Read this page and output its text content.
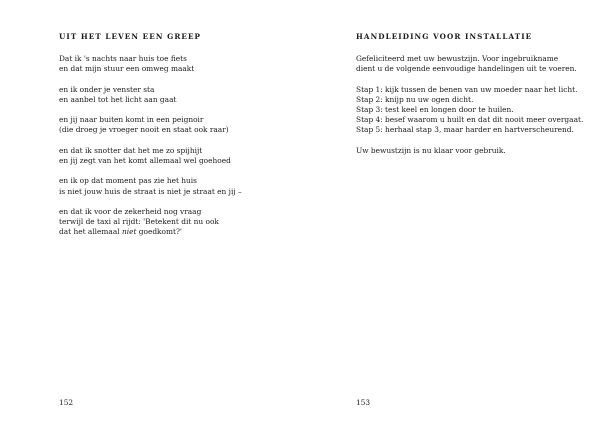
UIT HET LEVEN EEN GREEP
Dat ik 's nachts naar huis toe fiets
en dat mijn stuur een omweg maakt
en ik onder je venster sta
en aanbel tot het licht aan gaat
en jij naar buiten komt in een peignoir
(die droeg je vroeger nooit en staat ook raar)
en dat ik snotter dat het me zo spijhijt
en jij zegt van het komt allemaal wel goehoed
en ik op dat moment pas zie het huis
is niet jouw huis de straat is niet je straat en jij –
en dat ik voor de zekerheid nog vraag
terwijl de taxi al rijdt: 'Betekent dit nu ook
dat het allemaal niet goedkomt?'
152
HANDLEIDING VOOR INSTALLATIE
Gefeliciteerd met uw bewustzijn. Voor ingebruikname
dient u de volgende eenvoudige handelingen uit te voeren.
Stap 1: kijk tussen de benen van uw moeder naar het licht.
Stap 2: knijp nu uw ogen dicht.
Stap 3: test keel en longen door te huilen.
Stap 4: besef waarom u huilt en dat dit nooit meer overgaat.
Stap 5: herhaal stap 3, maar harder en hartverscheurend.
Uw bewustzijn is nu klaar voor gebruik.
153
